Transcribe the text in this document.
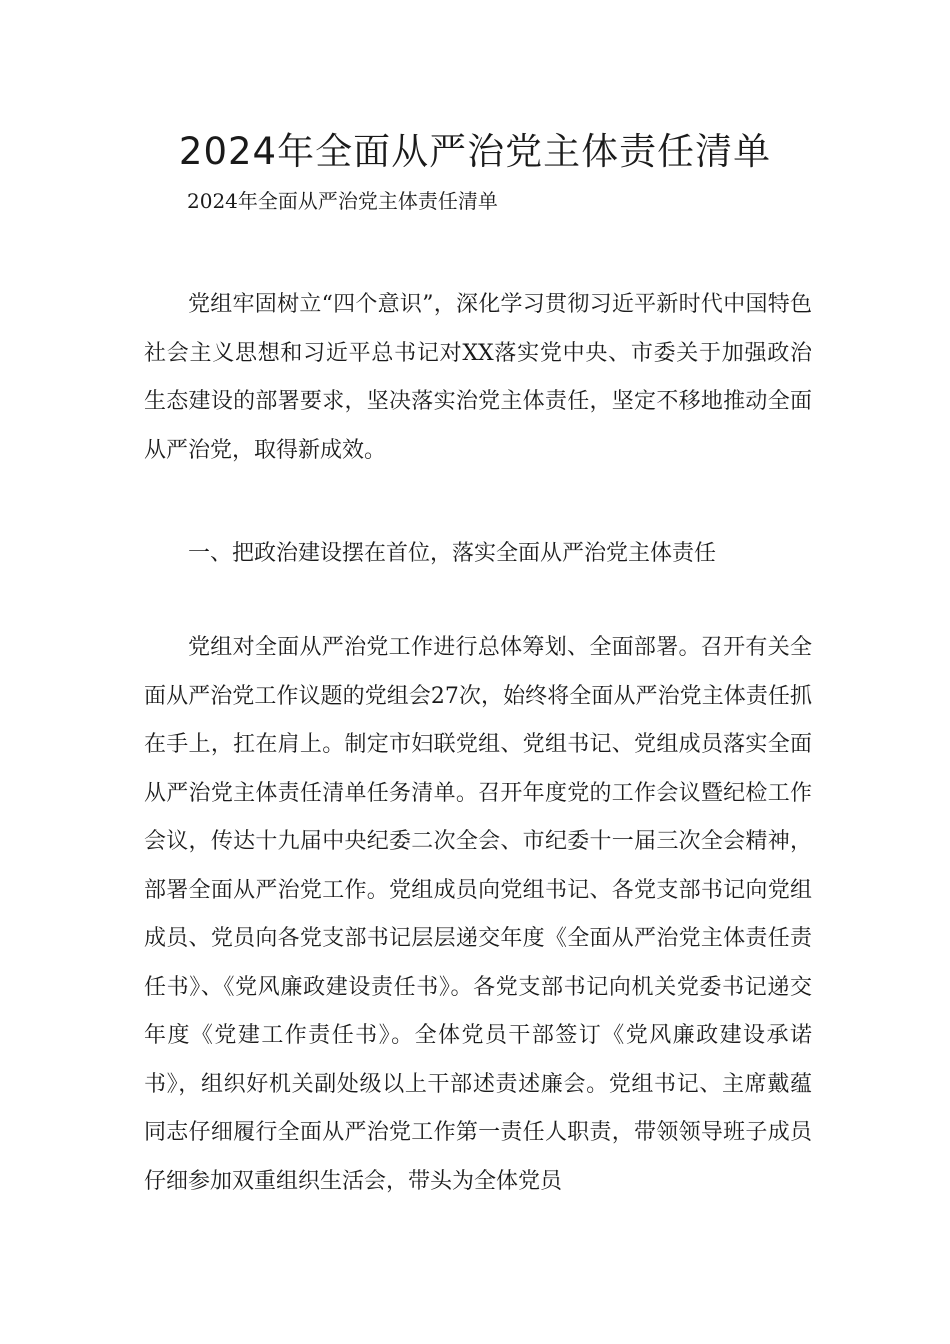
2024年全面从严治党主体责任清单

2024年全面从严治党主体责任清单

党组牢固树立“四个意识”，深化学习贯彻习近平新时代中国特色社会主义思想和习近平总书记对XX落实党中央、市委关于加强政治生态建设的部署要求，坚决落实治党主体责任，坚定不移地推动全面从严治党，取得新成效。

一、把政治建设摆在首位，落实全面从严治党主体责任

党组对全面从严治党工作进行总体筹划、全面部署。召开有关全面从严治党工作议题的党组会27次，始终将全面从严治党主体责任抓在手上，扛在肩上。制定市妇联党组、党组书记、党组成员落实全面从严治党主体责任清单任务清单。召开年度党的工作会议暨纪检工作会议，传达十九届中央纪委二次全会、市纪委十一届三次全会精神，部署全面从严治党工作。党组成员向党组书记、各党支部书记向党组成员、党员向各党支部书记层层递交年度《全面从严治党主体责任责任书》、《党风廉政建设责任书》。各党支部书记向机关党委书记递交年度《党建工作责任书》。全体党员干部签订《党风廉政建设承诺书》，组织好机关副处级以上干部述责述廉会。党组书记、主席戴蕴同志仔细履行全面从严治党工作第一责任人职责，带领领导班子成员仔细参加双重组织生活会，带头为全体党员
